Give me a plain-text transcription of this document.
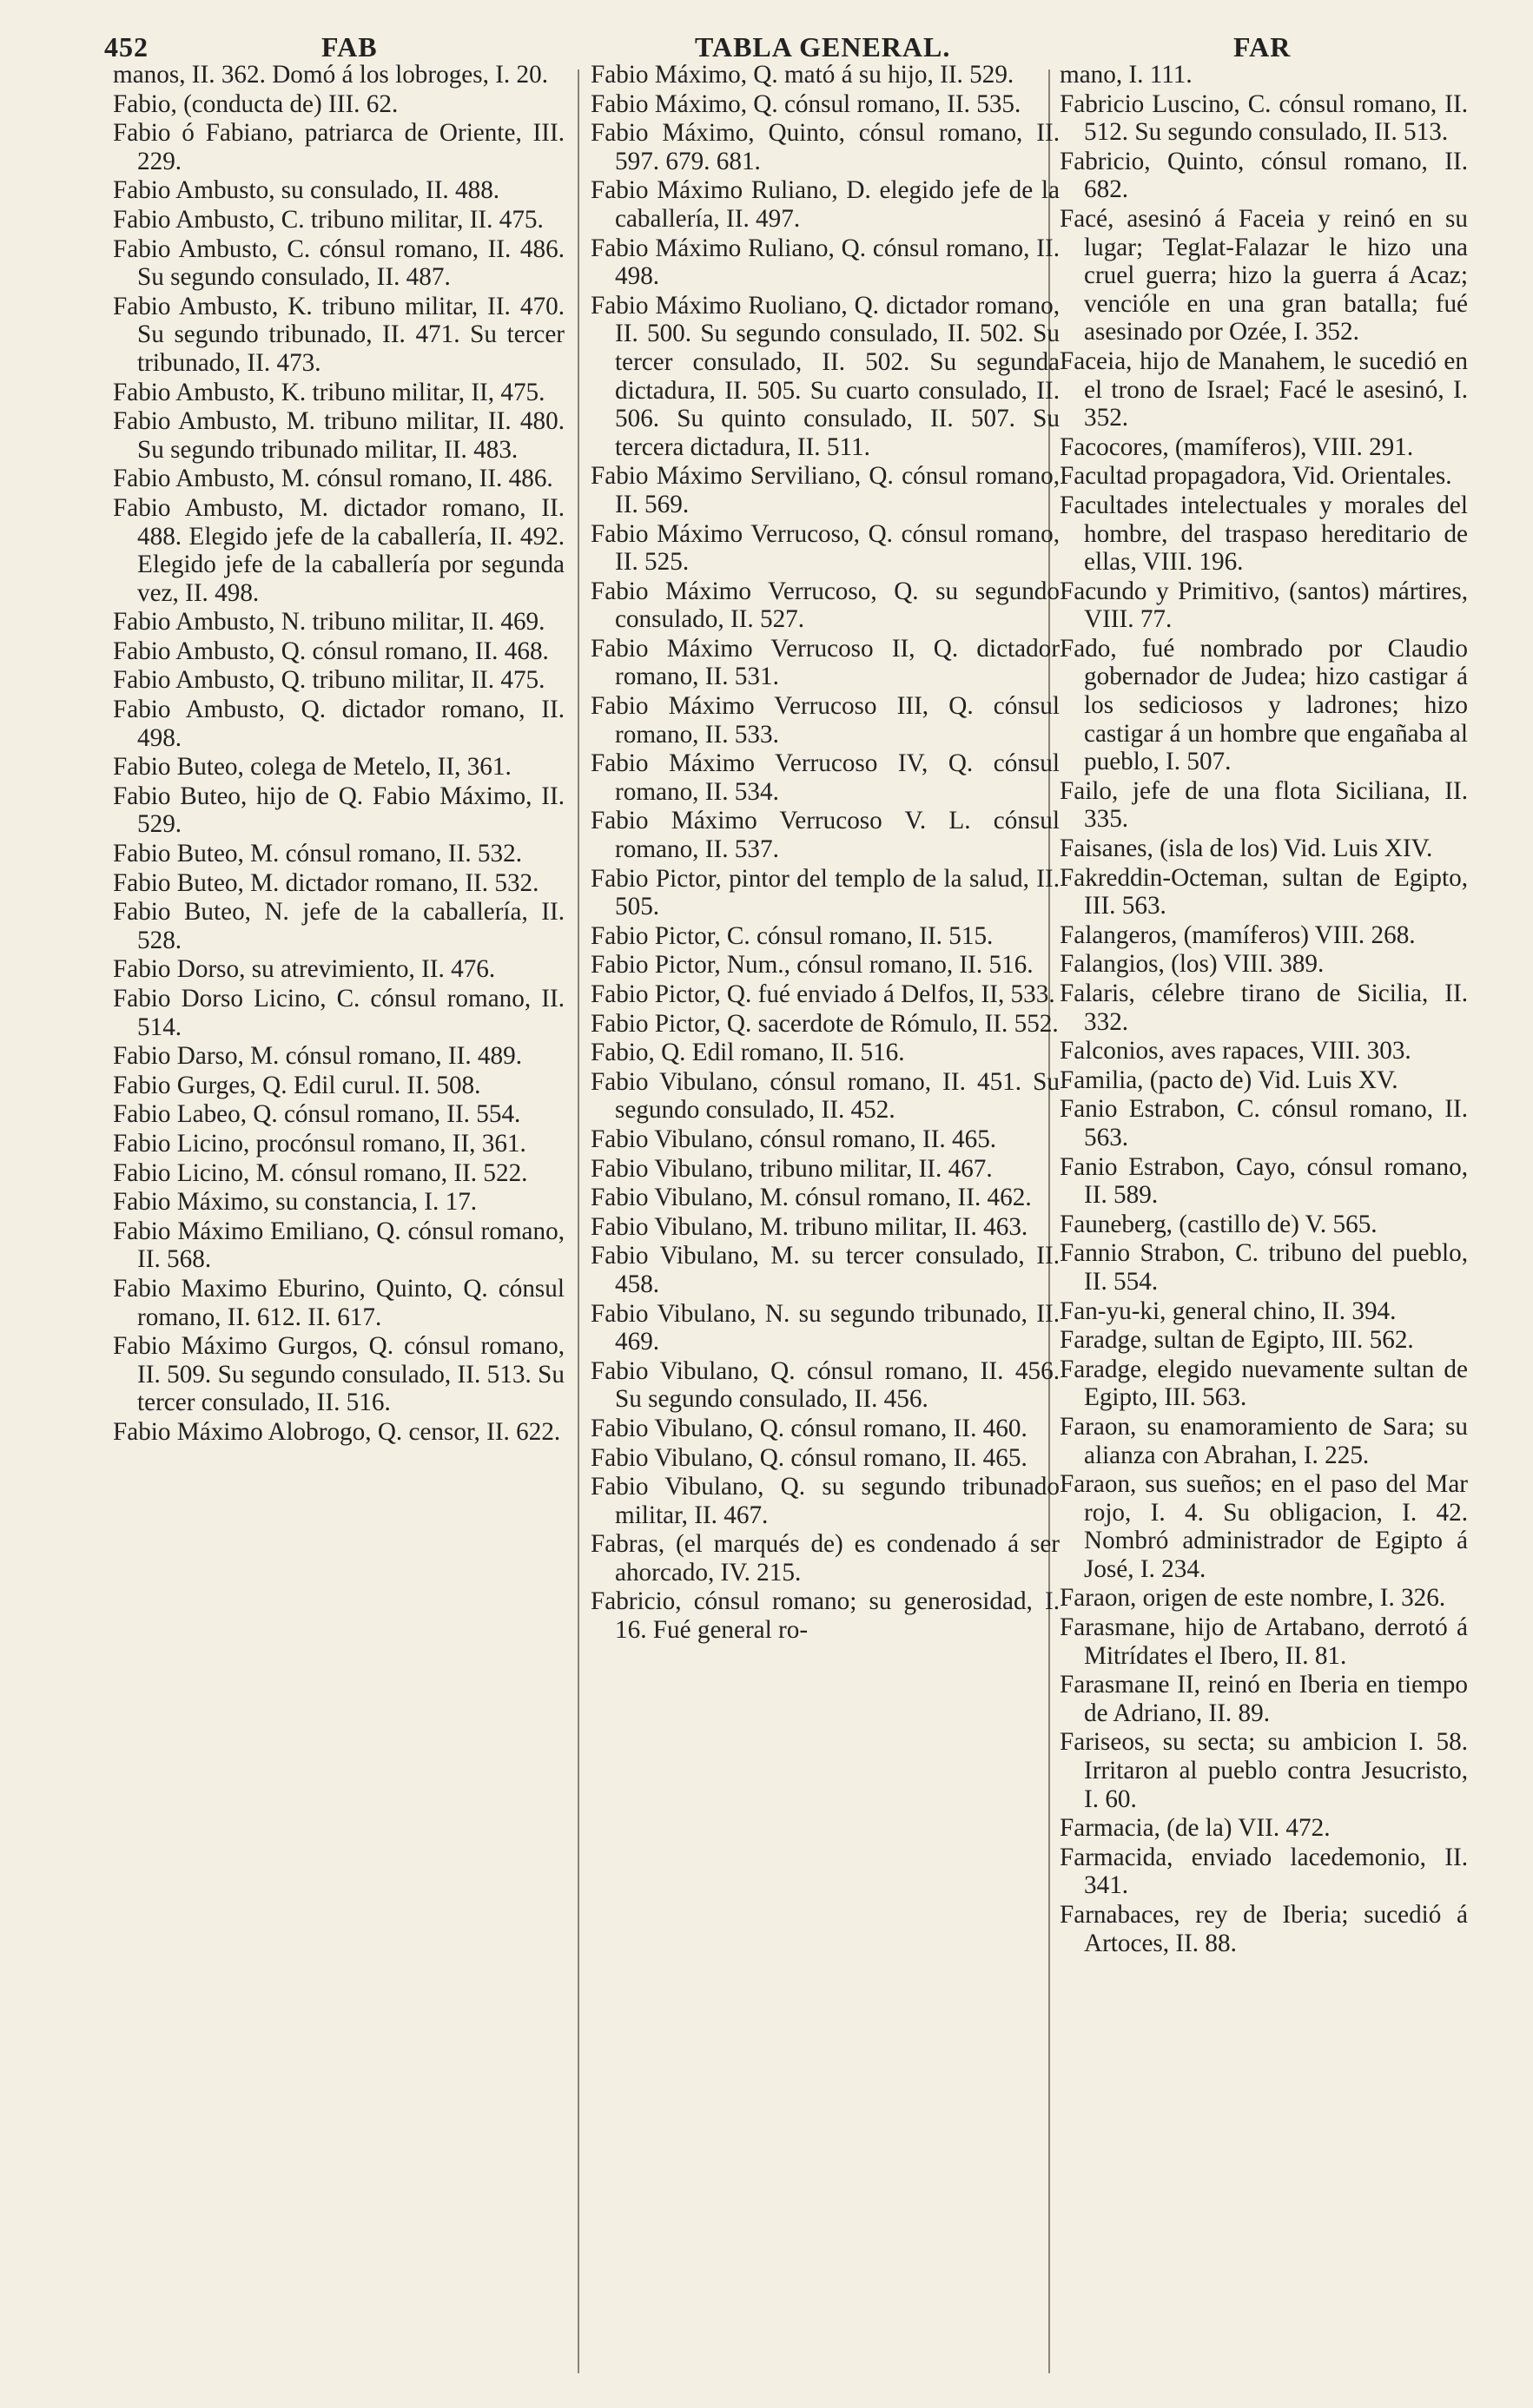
452	FAB	TABLA GENERAL.	FAR
manos, II. 362. Domó á los lobroges, I. 20.
Fabio, (conducta de) III. 62.
Fabio ó Fabiano, patriarca de Oriente, III. 229.
Fabio Ambusto, su consulado, II. 488.
Fabio Ambusto, C. tribuno militar, II. 475.
Fabio Ambusto, C. cónsul romano, II. 486. Su segundo consulado, II. 487.
Fabio Ambusto, K. tribuno militar, II. 470. Su segundo tribunado, II. 471. Su tercer tribunado, II. 473.
Fabio Ambusto, K. tribuno militar, II, 475.
Fabio Ambusto, M. tribuno militar, II. 480. Su segundo tribunado militar, II. 483.
Fabio Ambusto, M. cónsul romano, II. 486.
Fabio Ambusto, M. dictador romano, II. 488. Elegido jefe de la caballería, II. 492. Elegido jefe de la caballería por segunda vez, II. 498.
Fabio Ambusto, N. tribuno militar, II. 469.
Fabio Ambusto, Q. cónsul romano, II. 468.
Fabio Ambusto, Q. tribuno militar, II. 475.
Fabio Ambusto, Q. dictador romano, II. 498.
Fabio Buteo, colega de Metelo, II, 361.
Fabio Buteo, hijo de Q. Fabio Máximo, II. 529.
Fabio Buteo, M. cónsul romano, II. 532.
Fabio Buteo, M. dictador romano, II. 532.
Fabio Buteo, N. jefe de la caballería, II. 528.
Fabio Dorso, su atrevimiento, II. 476.
Fabio Dorso Licino, C. cónsul romano, II. 514.
Fabio Darso, M. cónsul romano, II. 489.
Fabio Gurges, Q. Edil curul. II. 508.
Fabio Labeo, Q. cónsul romano, II. 554.
Fabio Licino, procónsul romano, II, 361.
Fabio Licino, M. cónsul romano, II. 522.
Fabio Máximo, su constancia, I. 17.
Fabio Máximo Emiliano, Q. cónsul romano, II. 568.
Fabio Maximo Eburino, Quinto, Q. cónsul romano, II. 612. II. 617.
Fabio Máximo Gurgos, Q. cónsul romano, II. 509. Su segundo consulado, II. 513. Su tercer consulado, II. 516.
Fabio Máximo Alobrogo, Q. censor, II. 622.
Fabio Máximo, Q. mató á su hijo, II. 529.
Fabio Máximo, Q. cónsul romano, II. 535.
Fabio Máximo, Quinto, cónsul romano, II. 597. 679. 681.
Fabio Máximo Ruliano, D. elegido jefe de la caballería, II. 497.
Fabio Máximo Ruliano, Q. cónsul romano, II. 498.
Fabio Máximo Ruoliano, Q. dictador romano, II. 500. Su segundo consulado, II. 502. Su tercer consulado, II. 502. Su segunda dictadura, II. 505. Su cuarto consulado, II. 506. Su quinto consulado, II. 507. Su tercera dictadura, II. 511.
Fabio Máximo Serviliano, Q. cónsul romano, II. 569.
Fabio Máximo Verrucoso, Q. cónsul romano, II. 525.
Fabio Máximo Verrucoso, Q. su segundo consulado, II. 527.
Fabio Máximo Verrucoso II, Q. dictador romano, II. 531.
Fabio Máximo Verrucoso III, Q. cónsul romano, II. 533.
Fabio Máximo Verrucoso IV, Q. cónsul romano, II. 534.
Fabio Máximo Verrucoso V. L. cónsul romano, II. 537.
Fabio Pictor, pintor del templo de la salud, II. 505.
Fabio Pictor, C. cónsul romano, II. 515.
Fabio Pictor, Num., cónsul romano, II. 516.
Fabio Pictor, Q. fué enviado á Delfos, II, 533.
Fabio Pictor, Q. sacerdote de Rómulo, II. 552.
Fabio, Q. Edil romano, II. 516.
Fabio Vibulano, cónsul romano, II. 451. Su segundo consulado, II. 452.
Fabio Vibulano, cónsul romano, II. 465.
Fabio Vibulano, tribuno militar, II. 467.
Fabio Vibulano, M. cónsul romano, II. 462.
Fabio Vibulano, M. tribuno militar, II. 463.
Fabio Vibulano, M. su tercer consulado, II. 458.
Fabio Vibulano, N. su segundo tribunado, II. 469.
Fabio Vibulano, Q. cónsul romano, II. 456. Su segundo consulado, II. 456.
Fabio Vibulano, Q. cónsul romano, II. 460.
Fabio Vibulano, Q. cónsul romano, II. 465.
Fabio Vibulano, Q. su segundo tribunado militar, II. 467.
Fabras, (el marqués de) es condenado á ser ahorcado, IV. 215.
Fabricio, cónsul romano; su generosidad, I. 16. Fué general ro-
mano, I. 111.
Fabricio Luscino, C. cónsul romano, II. 512. Su segundo consulado, II. 513.
Fabricio, Quinto, cónsul romano, II. 682.
Facé, asesinó á Faceia y reinó en su lugar; Teglat-Falazar le hizo una cruel guerra; hizo la guerra á Acaz; vencióle en una gran batalla; fué asesinado por Ozée, I. 352.
Faceia, hijo de Manahem, le sucedió en el trono de Israel; Facé le asesinó, I. 352.
Facocores, (mamíferos), VIII. 291.
Facultad propagadora, Vid. Orientales.
Facultades intelectuales y morales del hombre, del traspaso hereditario de ellas, VIII. 196.
Facundo y Primitivo, (santos) mártires, VIII. 77.
Fado, fué nombrado por Claudio gobernador de Judea; hizo castigar á los sediciosos y ladrones; hizo castigar á un hombre que engañaba al pueblo, I. 507.
Failo, jefe de una flota Siciliana, II. 335.
Faisanes, (isla de los) Vid. Luis XIV.
Fakreddin-Octeman, sultan de Egipto, III. 563.
Falangeros, (mamíferos) VIII. 268.
Falangios, (los) VIII. 389.
Falaris, célebre tirano de Sicilia, II. 332.
Falconios, aves rapaces, VIII. 303.
Familia, (pacto de) Vid. Luis XV.
Fanio Estrabon, C. cónsul romano, II. 563.
Fanio Estrabon, Cayo, cónsul romano, II. 589.
Fauneberg, (castillo de) V. 565.
Fannio Strabon, C. tribuno del pueblo, II. 554.
Fan-yu-ki, general chino, II. 394.
Faradge, sultan de Egipto, III. 562.
Faradge, elegido nuevamente sultan de Egipto, III. 563.
Faraon, su enamoramiento de Sara; su alianza con Abrahan, I. 225.
Faraon, sus sueños; en el paso del Mar rojo, I. 4. Su obligacion, I. 42. Nombró administrador de Egipto á José, I. 234.
Faraon, origen de este nombre, I. 326.
Farasmane, hijo de Artabano, derrotó á Mitrídates el Ibero, II. 81.
Farasmane II, reinó en Iberia en tiempo de Adriano, II. 89.
Fariseos, su secta; su ambicion I. 58. Irritaron al pueblo contra Jesucristo, I. 60.
Farmacia, (de la) VII. 472.
Farmacida, enviado lacedemonio, II. 341.
Farnabaces, rey de Iberia; sucedió á Artoces, II. 88.
